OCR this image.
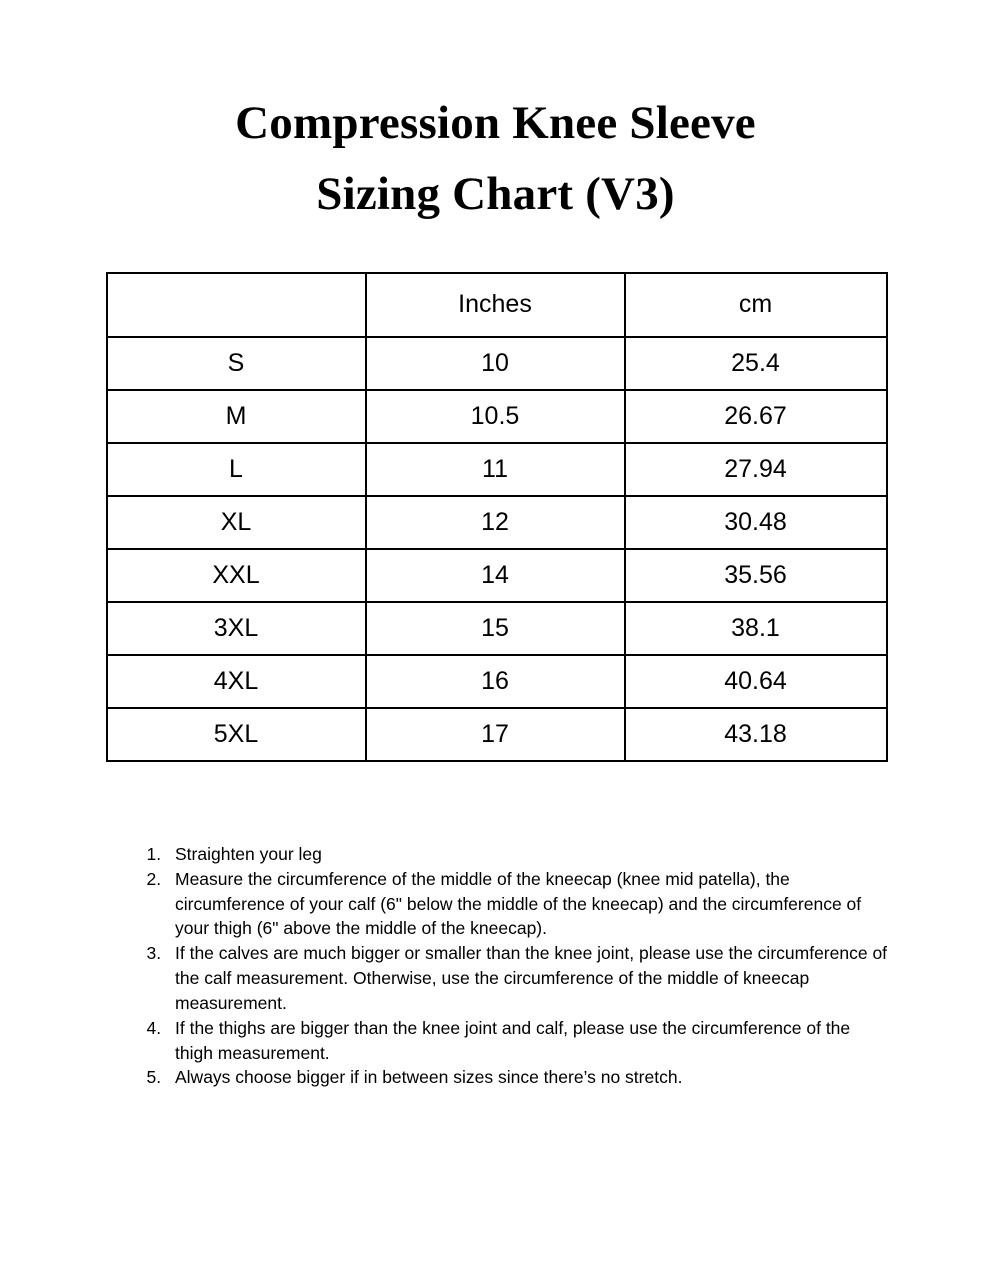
Compression Knee Sleeve
Sizing Chart (V3)
	Inches	cm
S	10	25.4
M	10.5	26.67
L	11	27.94
XL	12	30.48
XXL	14	35.56
3XL	15	38.1
4XL	16	40.64
5XL	17	43.18
1. Straighten your leg
2. Measure the circumference of the middle of the kneecap (knee mid patella), the circumference of your calf (6" below the middle of the kneecap) and the circumference of your thigh (6" above the middle of the kneecap).
3. If the calves are much bigger or smaller than the knee joint, please use the circumference of the calf measurement. Otherwise, use the circumference of the middle of kneecap measurement.
4. If the thighs are bigger than the knee joint and calf, please use the circumference of the thigh measurement.
5. Always choose bigger if in between sizes since there’s no stretch.
